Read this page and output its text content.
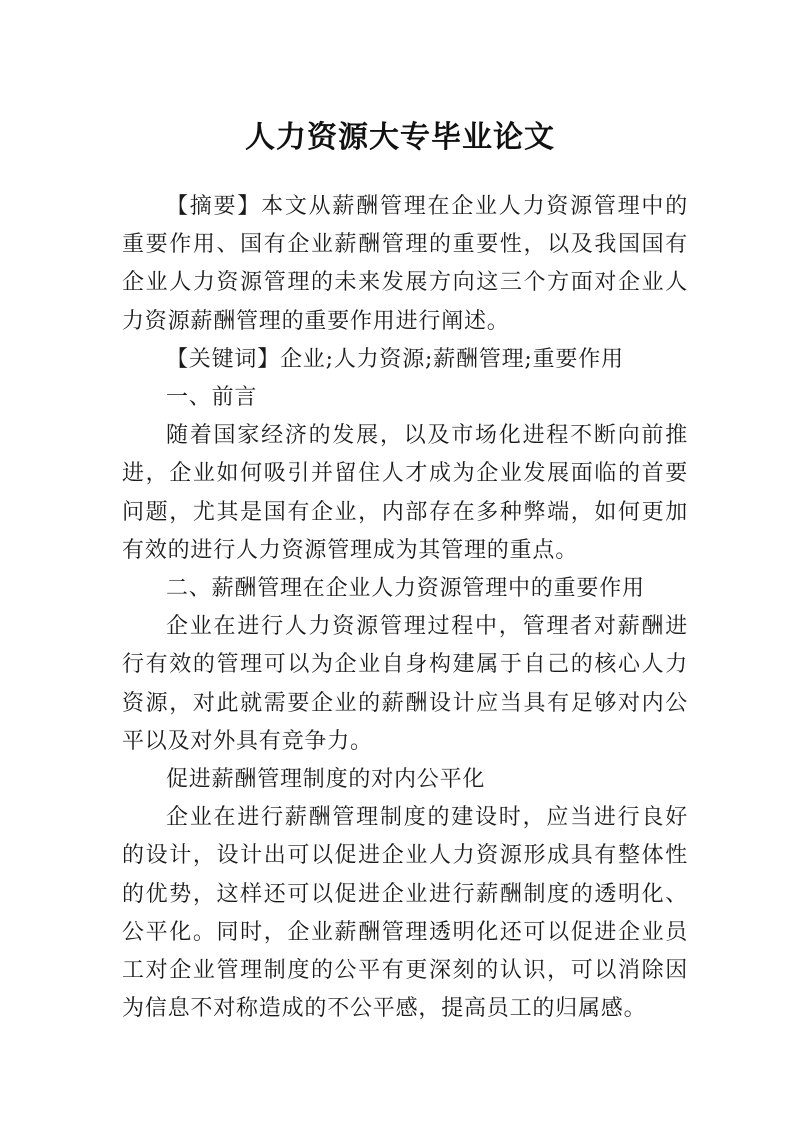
人力资源大专毕业论文

【摘要】本文从薪酬管理在企业人力资源管理中的重要作用、国有企业薪酬管理的重要性，以及我国国有企业人力资源管理的未来发展方向这三个方面对企业人力资源薪酬管理的重要作用进行阐述。

【关键词】企业;人力资源;薪酬管理;重要作用

一、前言

随着国家经济的发展，以及市场化进程不断向前推进，企业如何吸引并留住人才成为企业发展面临的首要问题，尤其是国有企业，内部存在多种弊端，如何更加有效的进行人力资源管理成为其管理的重点。

二、薪酬管理在企业人力资源管理中的重要作用

企业在进行人力资源管理过程中，管理者对薪酬进行有效的管理可以为企业自身构建属于自己的核心人力资源，对此就需要企业的薪酬设计应当具有足够对内公平以及对外具有竞争力。

促进薪酬管理制度的对内公平化

企业在进行薪酬管理制度的建设时，应当进行良好的设计，设计出可以促进企业人力资源形成具有整体性的优势，这样还可以促进企业进行薪酬制度的透明化、公平化。同时，企业薪酬管理透明化还可以促进企业员工对企业管理制度的公平有更深刻的认识，可以消除因为信息不对称造成的不公平感，提高员工的归属感。
